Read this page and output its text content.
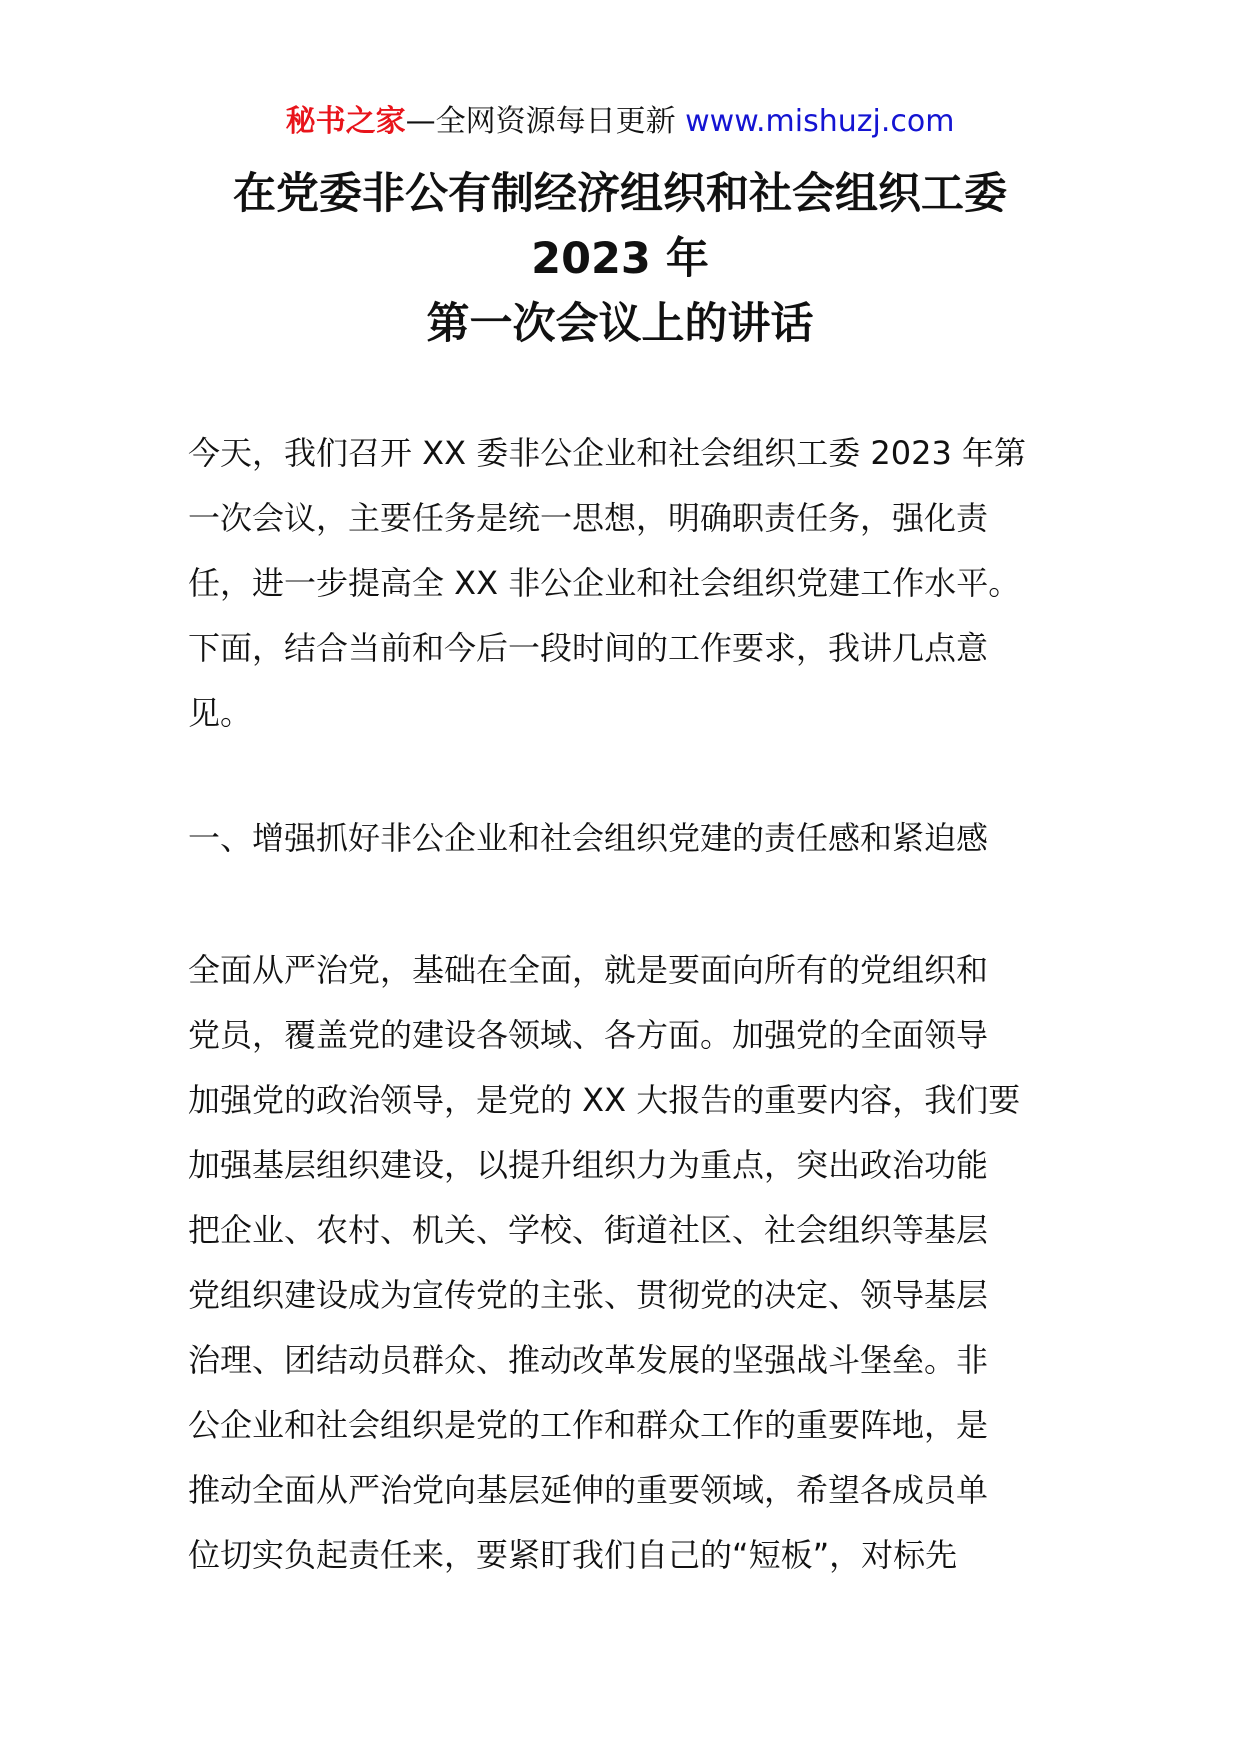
秘书之家—全网资源每日更新 www.mishuzj.com
在党委非公有制经济组织和社会组织工委
2023 年
第一次会议上的讲话
今天，我们召开 XX 委非公企业和社会组织工委 2023 年第
一次会议，主要任务是统一思想，明确职责任务，强化责
任，进一步提高全 XX 非公企业和社会组织党建工作水平。
下面，结合当前和今后一段时间的工作要求，我讲几点意
见。
一、增强抓好非公企业和社会组织党建的责任感和紧迫感
全面从严治党，基础在全面，就是要面向所有的党组织和
党员，覆盖党的建设各领域、各方面。加强党的全面领导
加强党的政治领导，是党的 XX 大报告的重要内容，我们要
加强基层组织建设，以提升组织力为重点，突出政治功能
把企业、农村、机关、学校、街道社区、社会组织等基层
党组织建设成为宣传党的主张、贯彻党的决定、领导基层
治理、团结动员群众、推动改革发展的坚强战斗堡垒。非
公企业和社会组织是党的工作和群众工作的重要阵地，是
推动全面从严治党向基层延伸的重要领域，希望各成员单
位切实负起责任来，要紧盯我们自己的“短板”，对标先
